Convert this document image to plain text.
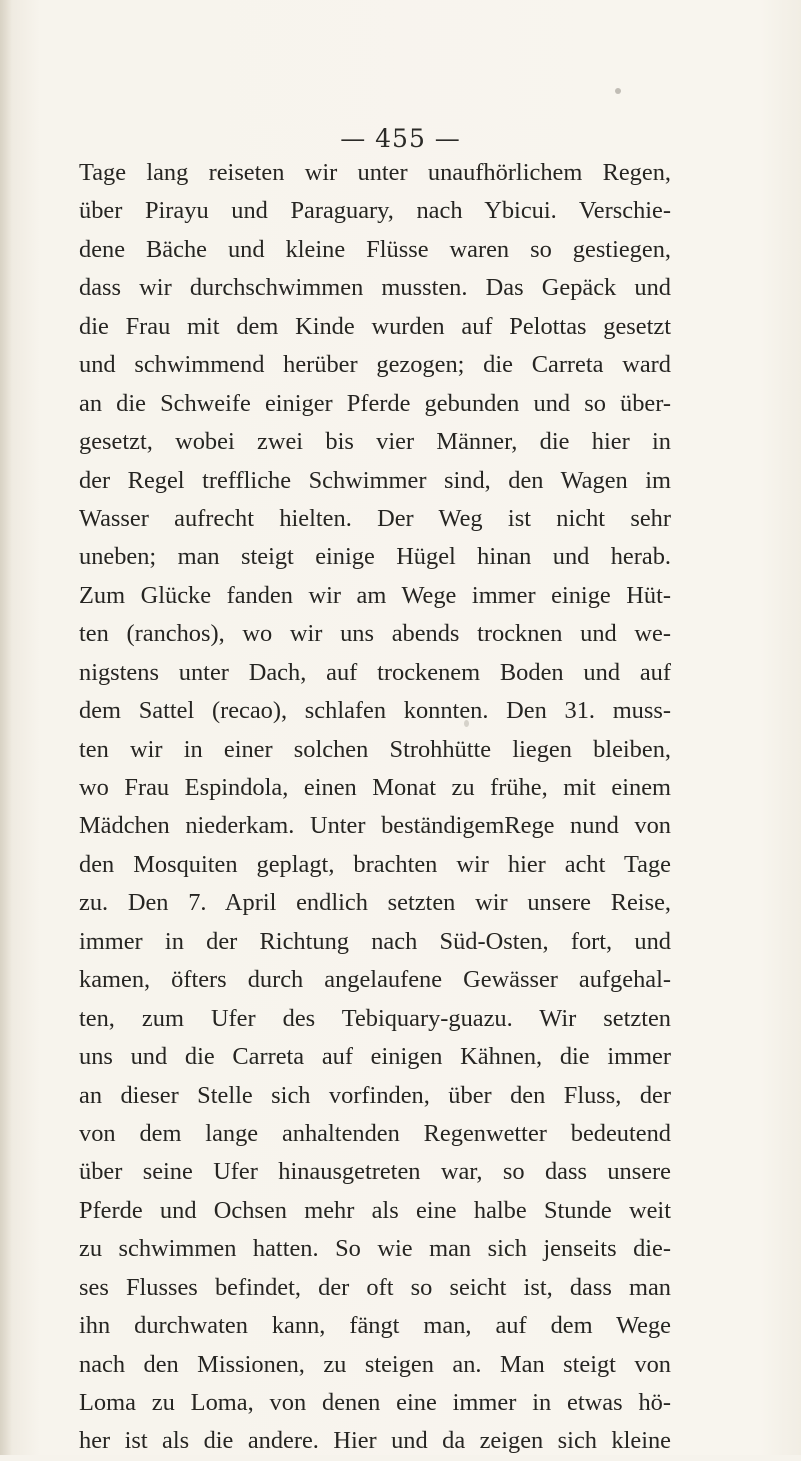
— 455 —
Tage lang reiseten wir unter unaufhörlichem Regen,
über Pirayu und Paraguary, nach Ybicui. Verschie-
dene Bäche und kleine Flüsse waren so gestiegen,
dass wir durchschwimmen mussten. Das Gepäck und
die Frau mit dem Kinde wurden auf Pelottas gesetzt
und schwimmend herüber gezogen; die Carreta ward
an die Schweife einiger Pferde gebunden und so über-
gesetzt, wobei zwei bis vier Männer, die hier in
der Regel treffliche Schwimmer sind, den Wagen im
Wasser aufrecht hielten. Der Weg ist nicht sehr
uneben; man steigt einige Hügel hinan und herab.
Zum Glücke fanden wir am Wege immer einige Hüt-
ten (ranchos), wo wir uns abends trocknen und we-
nigstens unter Dach, auf trockenem Boden und auf
dem Sattel (recao), schlafen konnten. Den 31. muss-
ten wir in einer solchen Strohhütte liegen bleiben,
wo Frau Espindola, einen Monat zu frühe, mit einem
Mädchen niederkam. Unter beständigemRege nund von
den Mosquiten geplagt, brachten wir hier acht Tage
zu. Den 7. April endlich setzten wir unsere Reise,
immer in der Richtung nach Süd-Osten, fort, und
kamen, öfters durch angelaufene Gewässer aufgehal-
ten, zum Ufer des Tebiquary-guazu. Wir setzten
uns und die Carreta auf einigen Kähnen, die immer
an dieser Stelle sich vorfinden, über den Fluss, der
von dem lange anhaltenden Regenwetter bedeutend
über seine Ufer hinausgetreten war, so dass unsere
Pferde und Ochsen mehr als eine halbe Stunde weit
zu schwimmen hatten. So wie man sich jenseits die-
ses Flusses befindet, der oft so seicht ist, dass man
ihn durchwaten kann, fängt man, auf dem Wege
nach den Missionen, zu steigen an. Man steigt von
Loma zu Loma, von denen eine immer in etwas hö-
her ist als die andere. Hier und da zeigen sich kleine
